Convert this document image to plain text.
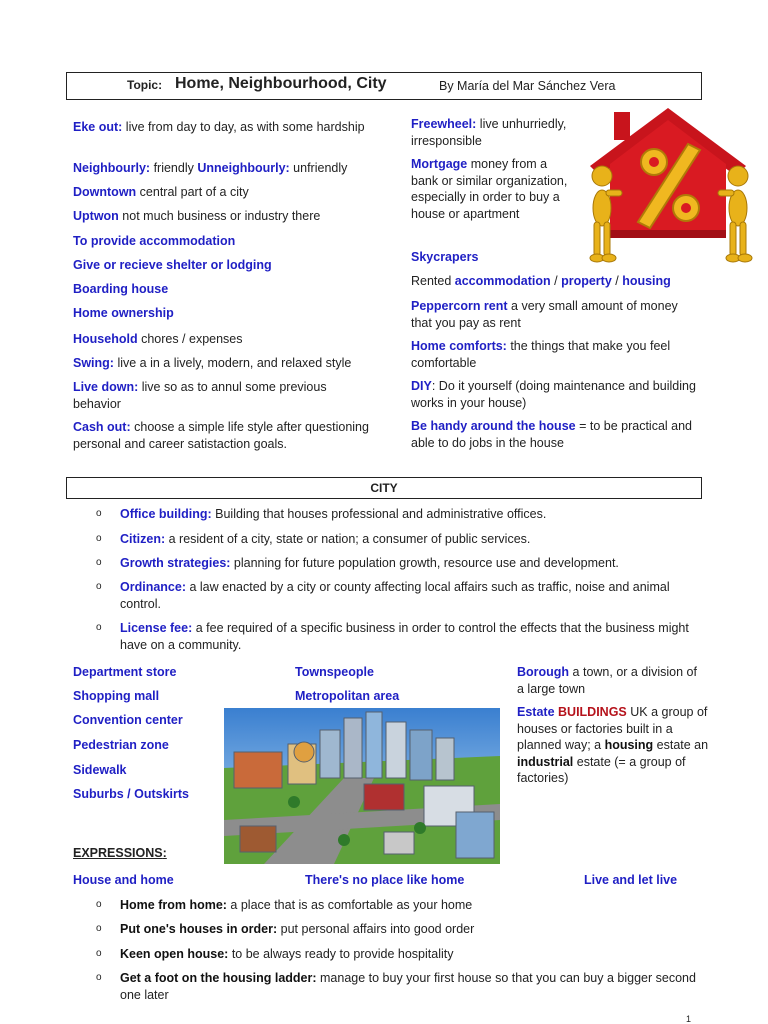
Topic: Home, Neighbourhood, City	By María del Mar Sánchez Vera
Eke out: live from day to day, as with some hardship
Neighbourly: friendly Unneighbourly: unfriendly
Downtown central part of a city
Uptwon not much business or industry there
To provide accommodation
Give or recieve shelter or lodging
Boarding house
Home ownership
Household chores / expenses
Swing: live a in a lively, modern, and relaxed style
Live down: live so as to annul some previous behavior
Cash out: choose a simple life style after questioning personal and career satistaction goals.
Freewheel: live unhurriedly, irresponsible
Mortgage money from a bank or similar organization, especially in order to buy a house or apartment
Skycrapers
Rented accommodation / property / housing
Peppercorn rent a very small amount of money that you pay as rent
Home comforts: the things that make you feel comfortable
DIY: Do it yourself (doing maintenance and building works in your house)
Be handy around the house = to be practical and able to do jobs in the house
CITY
o Office building: Building that houses professional and administrative offices.
o Citizen: a resident of a city, state or nation; a consumer of public services.
o Growth strategies: planning for future population growth, resource use and development.
o Ordinance: a law enacted by a city or county affecting local affairs such as traffic, noise and animal control.
o License fee: a fee required of a specific business in order to control the effects that the business might have on a community.
Department store
Shopping mall
Convention center
Pedestrian zone
Sidewalk
Suburbs / Outskirts
Townspeople
Metropolitan area
Borough a town, or a division of a large town
Estate BUILDINGS UK a group of houses or factories built in a planned way; a housing estate an industrial estate (= a group of factories)
EXPRESSIONS:
House and home	There's no place like home	Live and let live
o Home from home: a place that is as comfortable as your home
o Put one's houses in order: put personal affairs into good order
o Keen open house: to be always ready to provide hospitality
o Get a foot on the housing ladder: manage to buy your first house so that you can buy a bigger second one later
1
